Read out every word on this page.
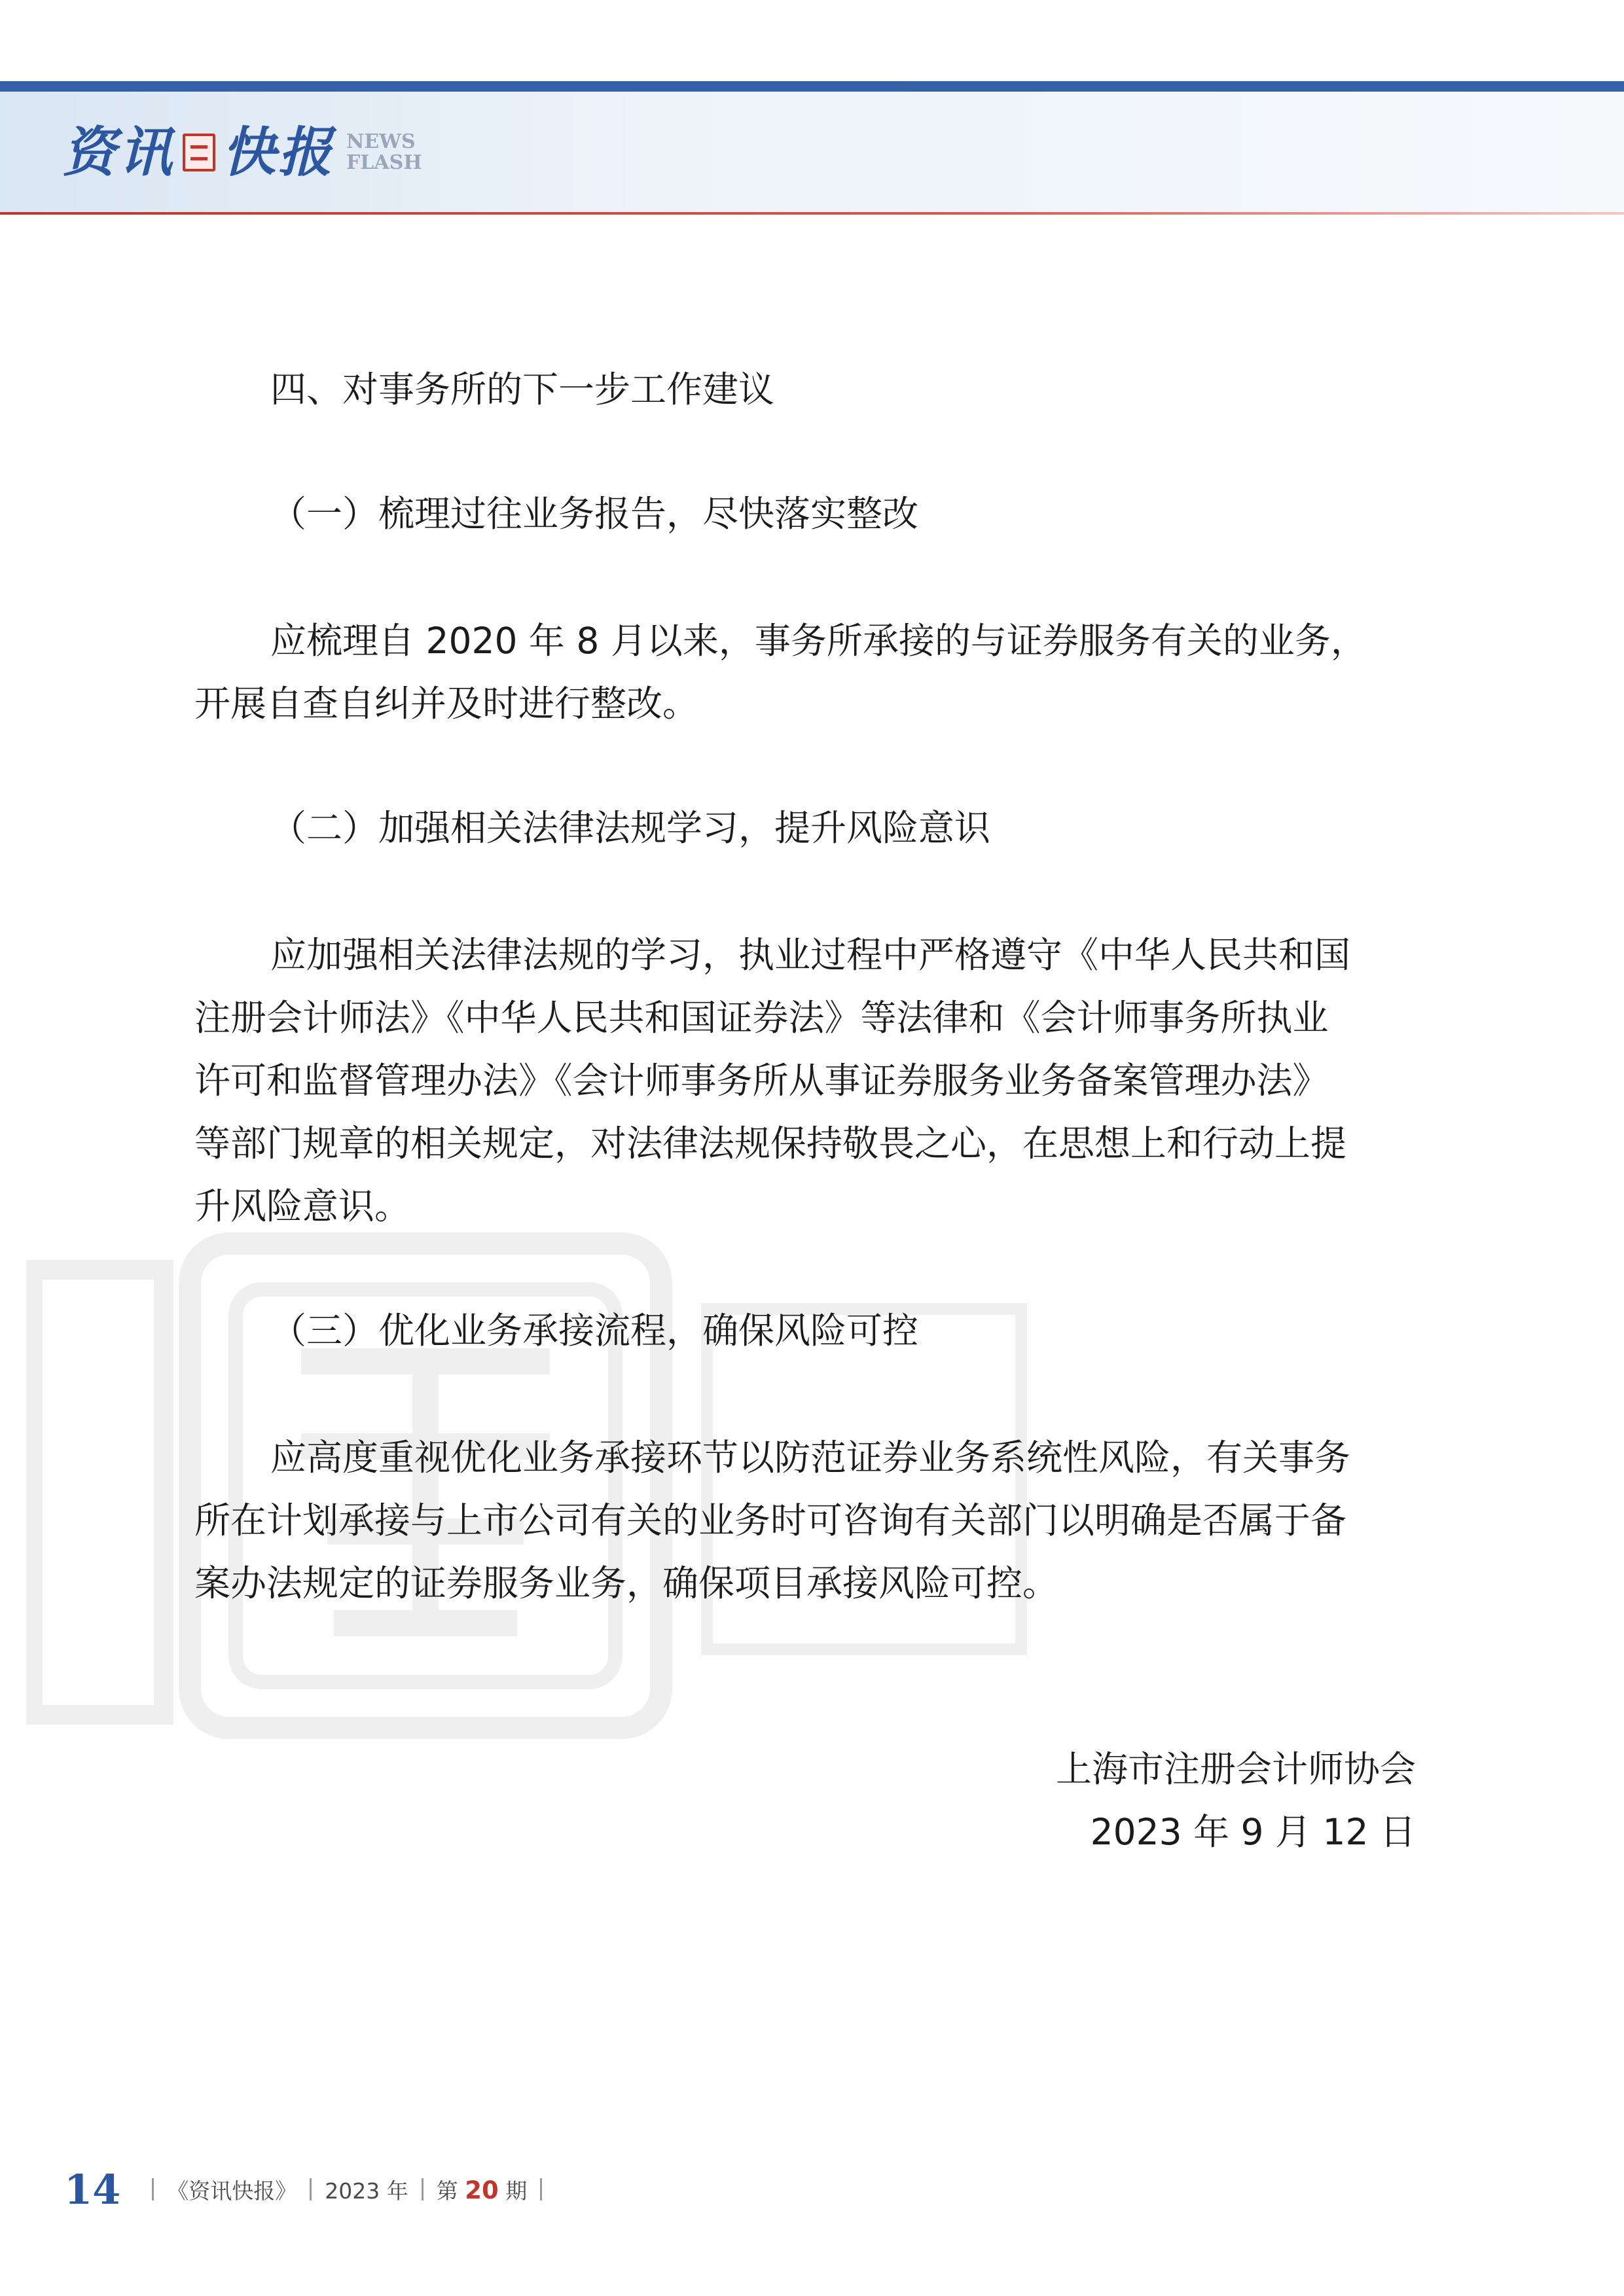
资讯 快报 NEWS
FLASH
四、对事务所的下一步工作建议
（一）梳理过往业务报告，尽快落实整改
应梳理自 2020 年 8 月以来，事务所承接的与证券服务有关的业务，
开展自查自纠并及时进行整改。
（二）加强相关法律法规学习，提升风险意识
应加强相关法律法规的学习，执业过程中严格遵守《中华人民共和国
注册会计师法》《中华人民共和国证券法》等法律和《会计师事务所执业
许可和监督管理办法》《会计师事务所从事证券服务业务备案管理办法》
等部门规章的相关规定，对法律法规保持敬畏之心，在思想上和行动上提
升风险意识。
（三）优化业务承接流程，确保风险可控
应高度重视优化业务承接环节以防范证券业务系统性风险，有关事务
所在计划承接与上市公司有关的业务时可咨询有关部门以明确是否属于备
案办法规定的证券服务业务，确保项目承接风险可控。
上海市注册会计师协会
2023 年 9 月 12 日
14 《资讯快报》 2023 年 第 20 期
